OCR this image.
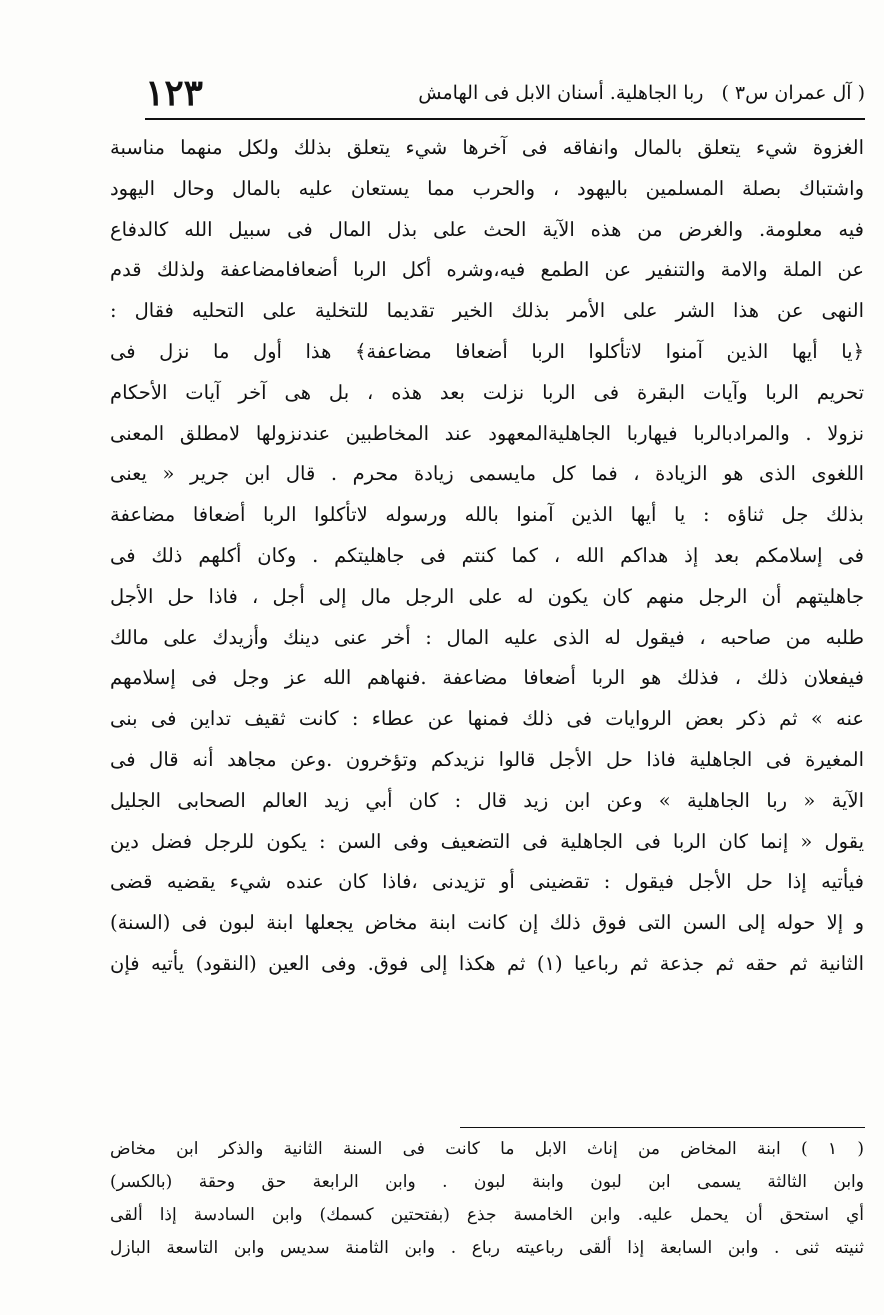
( آل عمران س٣ )
ربا الجاهلية. أسنان الابل فى الهامش
١٢٣
الغزوة شيء يتعلق بالمال وانفاقه فى آخرها شيء يتعلق بذلك ولكل منهما مناسبة
واشتباك بصلة المسلمين باليهود ، والحرب مما يستعان عليه بالمال وحال اليهود
فيه معلومة. والغرض من هذه الآية الحث على بذل المال فى سبيل الله كالدفاع
عن الملة والامة والتنفير عن الطمع فيه،وشره أكل الربا أضعافامضاعفة ولذلك قدم
النهى عن هذا الشر على الأمر بذلك الخير تقديما للتخلية على التحليه فقال :
﴿يا أيها الذين آمنوا لاتأكلوا الربا أضعافا مضاعفة﴾ هذا أول ما نزل فى
تحريم الربا وآيات البقرة فى الربا نزلت بعد هذه ، بل هى آخر آيات الأحكام
نزولا . والمرادبالربا فيهاربا الجاهليةالمعهود عند المخاطبين عندنزولها لامطلق المعنى
اللغوى الذى هو الزيادة ، فما كل مايسمى زيادة محرم . قال ابن جرير « يعنى
بذلك جل ثناؤه : يا أيها الذين آمنوا بالله ورسوله لاتأكلوا الربا أضعافا مضاعفة
فى إسلامكم بعد إذ هداكم الله ، كما كنتم فى جاهليتكم . وكان أكلهم ذلك فى
جاهليتهم أن الرجل منهم كان يكون له على الرجل مال إلى أجل ، فاذا حل الأجل
طلبه من صاحبه ، فيقول له الذى عليه المال : أخر عنى دينك وأزيدك على مالك
فيفعلان ذلك ، فذلك هو الربا أضعافا مضاعفة .فنهاهم الله عز وجل فى إسلامهم
عنه » ثم ذكر بعض الروايات فى ذلك فمنها عن عطاء : كانت ثقيف تداين فى بنى
المغيرة فى الجاهلية فاذا حل الأجل قالوا نزيدكم وتؤخرون .وعن مجاهد أنه قال فى
الآية « ربا الجاهلية » وعن ابن زيد قال : كان أبي زيد العالم الصحابى الجليل
يقول « إنما كان الربا فى الجاهلية فى التضعيف وفى السن : يكون للرجل فضل دين
فيأتيه إذا حل الأجل فيقول : تقضينى أو تزيدنى ،فاذا كان عنده شيء يقضيه قضى
و إلا حوله إلى السن التى فوق ذلك إن كانت ابنة مخاض يجعلها ابنة لبون فى (السنة)
الثانية ثم حقه ثم جذعة ثم رباعيا (١) ثم هكذا إلى فوق. وفى العين (النقود) يأتيه فإن
( ١ ) ابنة المخاض من إناث الابل ما كانت فى السنة الثانية والذكر ابن مخاض
وابن الثالثة يسمى ابن لبون وابنة لبون . وابن الرابعة حق وحقة (بالكسر)
أي استحق أن يحمل عليه. وابن الخامسة جذع (بفتحتين كسمك) وابن السادسة إذا ألقى
ثنيته ثنى . وابن السابعة إذا ألقى رباعيته رباع . وابن الثامنة سديس وابن التاسعة البازل
